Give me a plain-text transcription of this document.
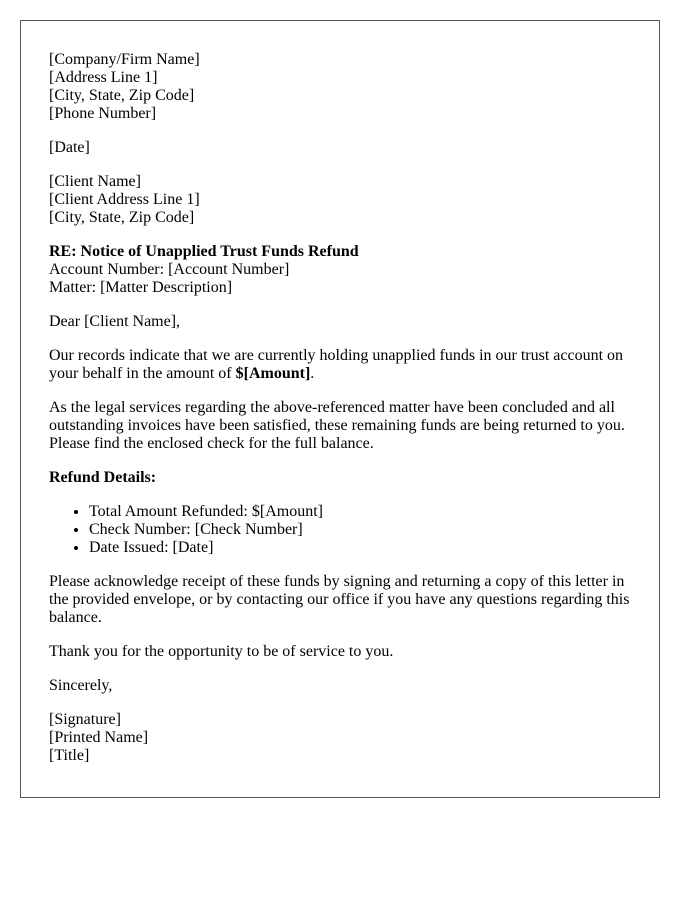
[Company/Firm Name]
[Address Line 1]
[City, State, Zip Code]
[Phone Number]
[Date]
[Client Name]
[Client Address Line 1]
[City, State, Zip Code]
RE: Notice of Unapplied Trust Funds Refund
Account Number: [Account Number]
Matter: [Matter Description]

Dear [Client Name],

Our records indicate that we are currently holding unapplied funds in our trust account on your behalf in the amount of $[Amount].

As the legal services regarding the above-referenced matter have been concluded and all outstanding invoices have been satisfied, these remaining funds are being returned to you. Please find the enclosed check for the full balance.

Refund Details:

• Total Amount Refunded: $[Amount]
• Check Number: [Check Number]
• Date Issued: [Date]

Please acknowledge receipt of these funds by signing and returning a copy of this letter in the provided envelope, or by contacting our office if you have any questions regarding this balance.

Thank you for the opportunity to be of service to you.

Sincerely,

[Signature]
[Printed Name]
[Title]
